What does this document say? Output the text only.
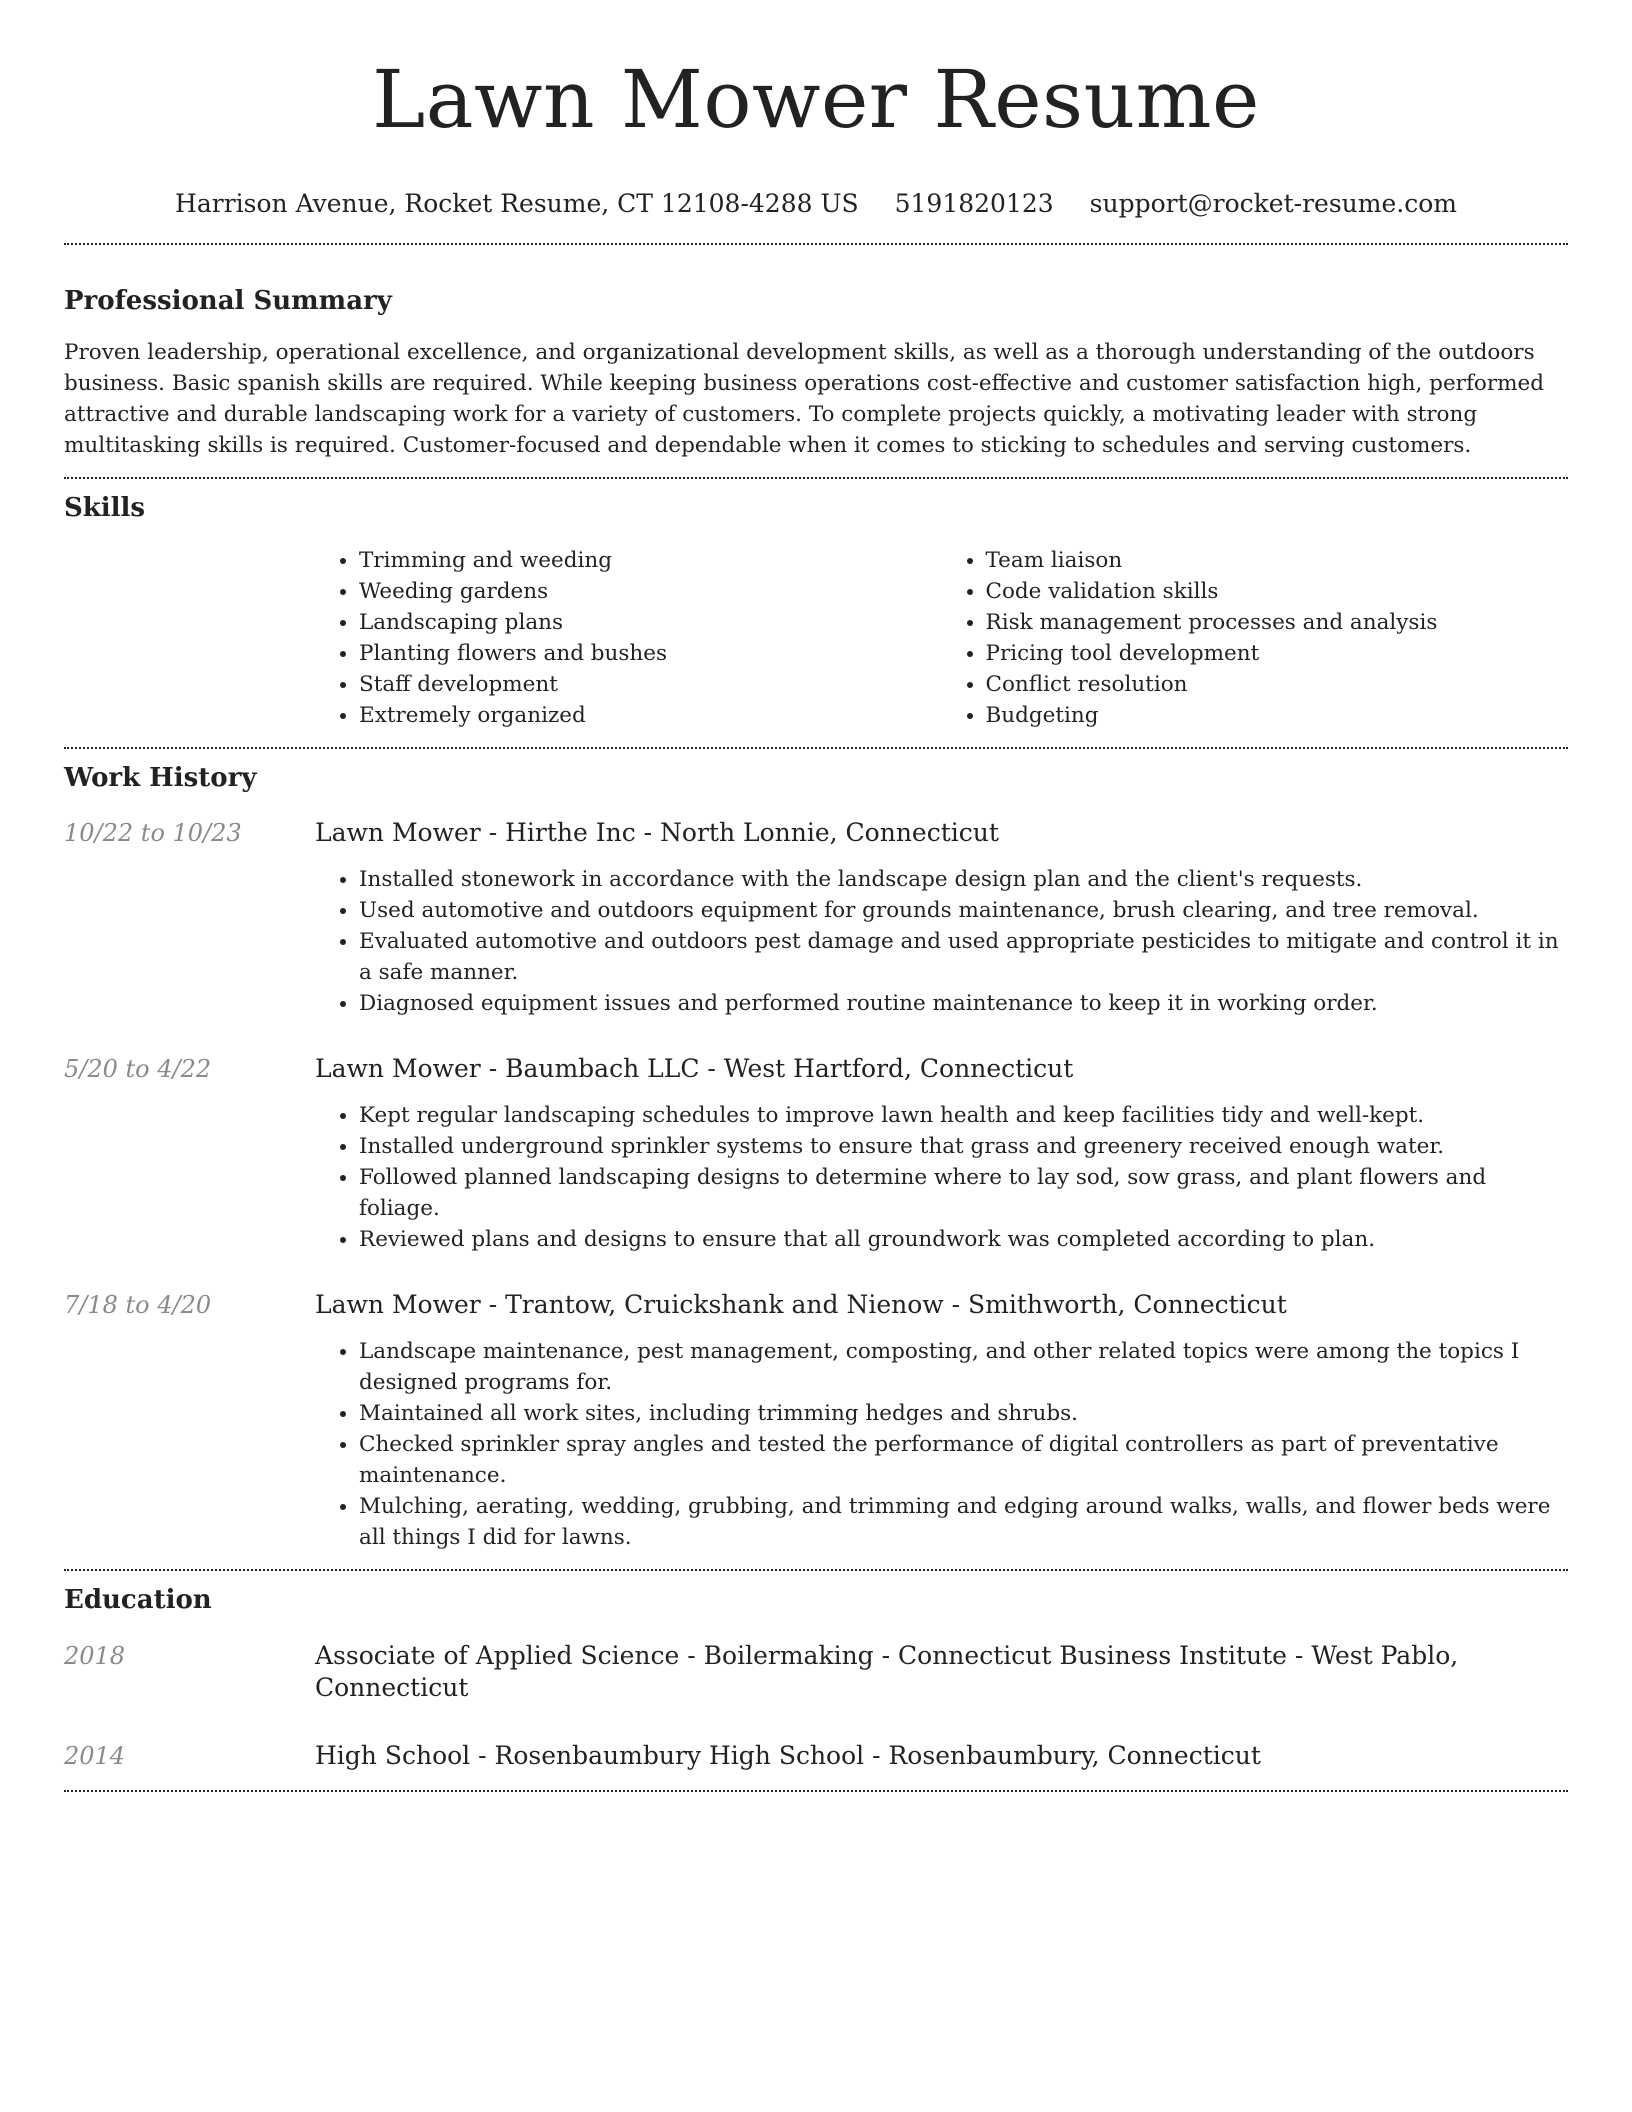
Lawn Mower Resume
Harrison Avenue, Rocket Resume, CT 12108-4288 US 5191820123 support@rocket-resume.com
Professional Summary

Proven leadership, operational excellence, and organizational development skills, as well as a thorough understanding of the outdoors business. Basic spanish skills are required. While keeping business operations cost-effective and customer satisfaction high, performed attractive and durable landscaping work for a variety of customers. To complete projects quickly, a motivating leader with strong multitasking skills is required. Customer-focused and dependable when it comes to sticking to schedules and serving customers.

Skills
• Trimming and weeding
• Weeding gardens
• Landscaping plans
• Planting flowers and bushes
• Staff development
• Extremely organized
• Team liaison
• Code validation skills
• Risk management processes and analysis
• Pricing tool development
• Conflict resolution
• Budgeting
Work History
10/22 to 10/23	Lawn Mower - Hirthe Inc - North Lonnie, Connecticut
• Installed stonework in accordance with the landscape design plan and the client's requests.
• Used automotive and outdoors equipment for grounds maintenance, brush clearing, and tree removal.
• Evaluated automotive and outdoors pest damage and used appropriate pesticides to mitigate and control it in a safe manner.
• Diagnosed equipment issues and performed routine maintenance to keep it in working order.
5/20 to 4/22	Lawn Mower - Baumbach LLC - West Hartford, Connecticut
• Kept regular landscaping schedules to improve lawn health and keep facilities tidy and well-kept.
• Installed underground sprinkler systems to ensure that grass and greenery received enough water.
• Followed planned landscaping designs to determine where to lay sod, sow grass, and plant flowers and foliage.
• Reviewed plans and designs to ensure that all groundwork was completed according to plan.
7/18 to 4/20	Lawn Mower - Trantow, Cruickshank and Nienow - Smithworth, Connecticut
• Landscape maintenance, pest management, composting, and other related topics were among the topics I designed programs for.
• Maintained all work sites, including trimming hedges and shrubs.
• Checked sprinkler spray angles and tested the performance of digital controllers as part of preventative maintenance.
• Mulching, aerating, wedding, grubbing, and trimming and edging around walks, walls, and flower beds were all things I did for lawns.
Education
2018	Associate of Applied Science - Boilermaking - Connecticut Business Institute - West Pablo, Connecticut
2014	High School - Rosenbaumbury High School - Rosenbaumbury, Connecticut
